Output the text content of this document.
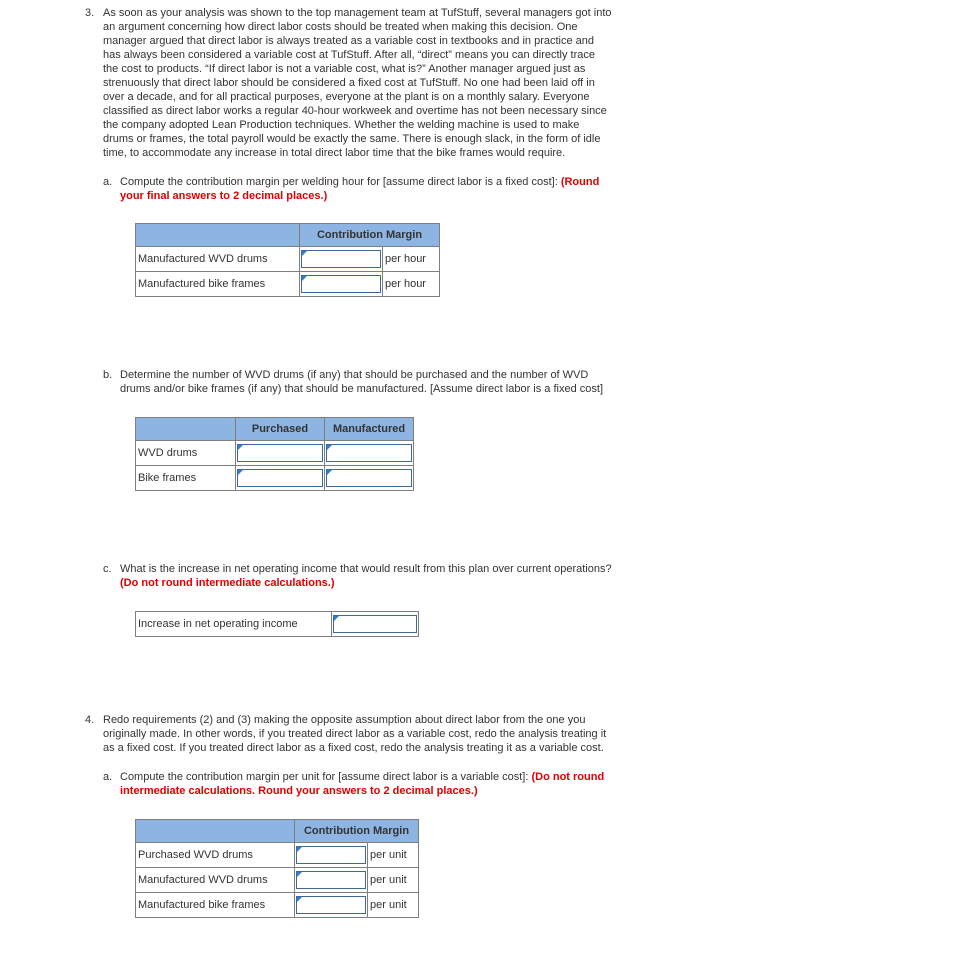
3. As soon as your analysis was shown to the top management team at TufStuff, several managers got into
an argument concerning how direct labor costs should be treated when making this decision. One
manager argued that direct labor is always treated as a variable cost in textbooks and in practice and
has always been considered a variable cost at TufStuff. After all, “direct” means you can directly trace
the cost to products. “If direct labor is not a variable cost, what is?” Another manager argued just as
strenuously that direct labor should be considered a fixed cost at TufStuff. No one had been laid off in
over a decade, and for all practical purposes, everyone at the plant is on a monthly salary. Everyone
classified as direct labor works a regular 40-hour workweek and overtime has not been necessary since
the company adopted Lean Production techniques. Whether the welding machine is used to make
drums or frames, the total payroll would be exactly the same. There is enough slack, in the form of idle
time, to accommodate any increase in total direct labor time that the bike frames would require.
a. Compute the contribution margin per welding hour for [assume direct labor is a fixed cost]: (Round
your final answers to 2 decimal places.)
	Contribution Margin	
Manufactured WVD drums		per hour
Manufactured bike frames		per hour
b. Determine the number of WVD drums (if any) that should be purchased and the number of WVD
drums and/or bike frames (if any) that should be manufactured. [Assume direct labor is a fixed cost]
	Purchased	Manufactured
WVD drums	

Bike frames	

c. What is the increase in net operating income that would result from this plan over current operations?
(Do not round intermediate calculations.)
Increase in net operating income	
4. Redo requirements (2) and (3) making the opposite assumption about direct labor from the one you
originally made. In other words, if you treated direct labor as a variable cost, redo the analysis treating it
as a fixed cost. If you treated direct labor as a fixed cost, redo the analysis treating it as a variable cost.
a. Compute the contribution margin per unit for [assume direct labor is a variable cost]: (Do not round
intermediate calculations. Round your answers to 2 decimal places.)
	Contribution Margin	
Purchased WVD drums		per unit
Manufactured WVD drums		per unit
Manufactured bike frames		per unit
